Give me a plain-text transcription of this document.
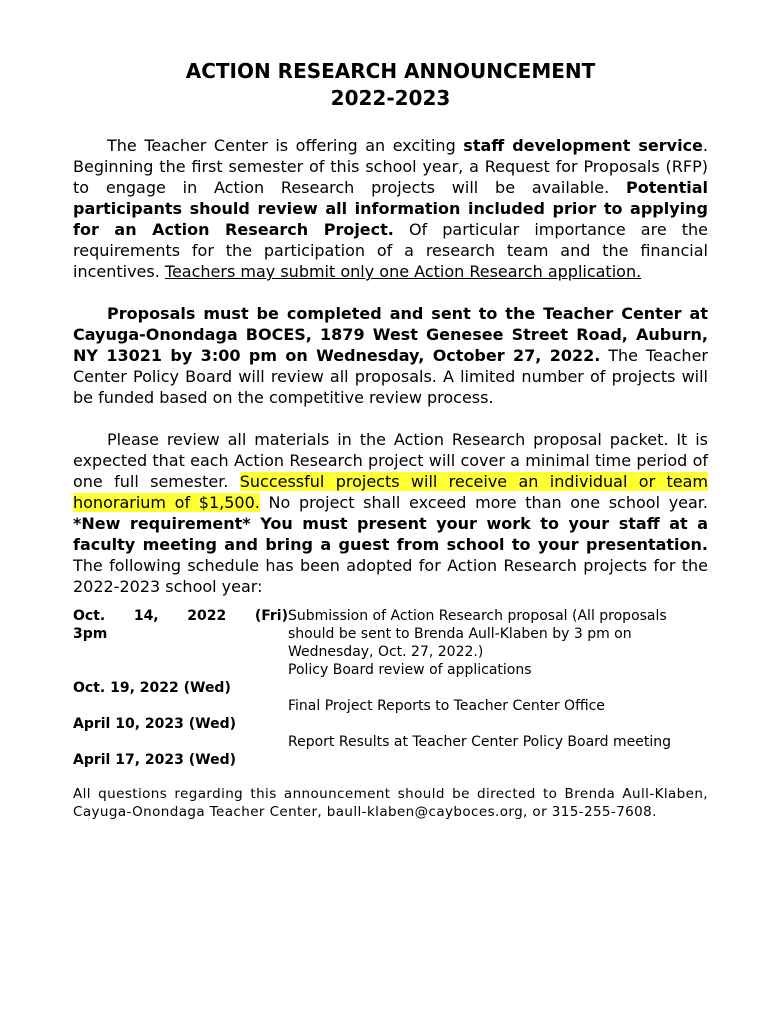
ACTION RESEARCH ANNOUNCEMENT
2022-2023

The Teacher Center is offering an exciting staff development service. Beginning the first semester of this school year, a Request for Proposals (RFP) to engage in Action Research projects will be available. Potential participants should review all information included prior to applying for an Action Research Project. Of particular importance are the requirements for the participation of a research team and the financial incentives. Teachers may submit only one Action Research application.

Proposals must be completed and sent to the Teacher Center at Cayuga-Onondaga BOCES, 1879 West Genesee Street Road, Auburn, NY 13021 by 3:00 pm on Wednesday, October 27, 2022. The Teacher Center Policy Board will review all proposals. A limited number of projects will be funded based on the competitive review process.

Please review all materials in the Action Research proposal packet. It is expected that each Action Research project will cover a minimal time period of one full semester. Successful projects will receive an individual or team honorarium of $1,500. No project shall exceed more than one school year. *New requirement* You must present your work to your staff at a faculty meeting and bring a guest from school to your presentation. The following schedule has been adopted for Action Research projects for the 2022-2023 school year:

Oct. 14, 2022 (Fri)
3pm
Submission of Action Research proposal (All proposals should be sent to Brenda Aull-Klaben by 3 pm on Wednesday, Oct. 27, 2022.)
Oct. 19, 2022 (Wed)
Policy Board review of applications
April 10, 2023 (Wed)
Final Project Reports to Teacher Center Office
April 17, 2023 (Wed)
Report Results at Teacher Center Policy Board meeting

All questions regarding this announcement should be directed to Brenda Aull-Klaben, Cayuga-Onondaga Teacher Center, baull-klaben@cayboces.org, or 315-255-7608.
